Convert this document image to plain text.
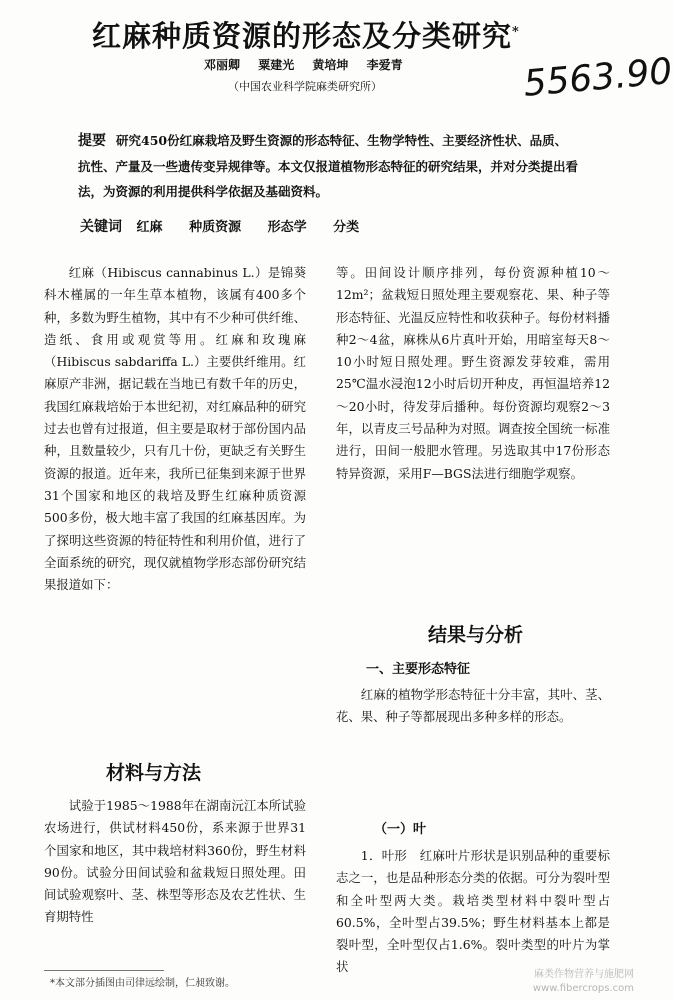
红麻种质资源的形态及分类研究*
邓丽卿 粟建光 黄培坤 李爱青
（中国农业科学院麻类研究所）	5563.90

提要 研究450份红麻栽培及野生资源的形态特征、生物学特性、主要经济性状、品质、抗性、产量及一些遗传变异规律等。本文仅报道植物形态特征的研究结果，并对分类提出看法，为资源的利用提供科学依据及基础资料。

关键词 红麻 种质资源 形态学 分类

红麻（Hibiscus cannabinus L.）是锦葵科木槿属的一年生草本植物，该属有400多个种，多数为野生植物，其中有不少种可供纤维、造纸、食用或观赏等用。红麻和玫瑰麻（Hibiscus sabdariffa L.）主要供纤维用。红麻原产非洲，据记载在当地已有数千年的历史，我国红麻栽培始于本世纪初，对红麻品种的研究过去也曾有过报道，但主要是取材于部份国内品种，且数量较少，只有几十份，更缺乏有关野生资源的报道。近年来，我所已征集到来源于世界31个国家和地区的栽培及野生红麻种质资源500多份，极大地丰富了我国的红麻基因库。为了探明这些资源的特征特性和利用价值，进行了全面系统的研究，现仅就植物学形态部份研究结果报道如下：

材料与方法

试验于1985～1988年在湖南沅江本所试验农场进行，供试材料450份，系来源于世界31个国家和地区，其中栽培材料360份，野生材料90份。试验分田间试验和盆栽短日照处理。田间试验观察叶、茎、株型等形态及农艺性状、生育期特性

等。田间设计顺序排列，每份资源种植10～12m²；盆栽短日照处理主要观察花、果、种子等形态特征、光温反应特性和收获种子。每份材料播种2～4盆，麻株从6片真叶开始，用暗室每天8～10小时短日照处理。野生资源发芽较难，需用25℃温水浸泡12小时后切开种皮，再恒温培养12～20小时，待发芽后播种。每份资源均观察2～3年，以青皮三号品种为对照。调查按全国统一标准进行，田间一般肥水管理。另选取其中17份形态特异资源，采用F—BGS法进行细胞学观察。

结果与分析
一、主要形态特征

红麻的植物学形态特征十分丰富，其叶、茎、花、果、种子等都展现出多种多样的形态。

（一）叶

1．叶形　红麻叶片形状是识别品种的重要标志之一，也是品种形态分类的依据。可分为裂叶型和全叶型两大类。栽培类型材料中裂叶型占60.5%，全叶型占39.5%；野生材料基本上都是裂叶型，全叶型仅占1.6%。裂叶类型的叶片为掌状

*本文部分插图由司律远绘制，仁昶致谢。
麻类作物营养与施肥网
www.fibercrops.com
